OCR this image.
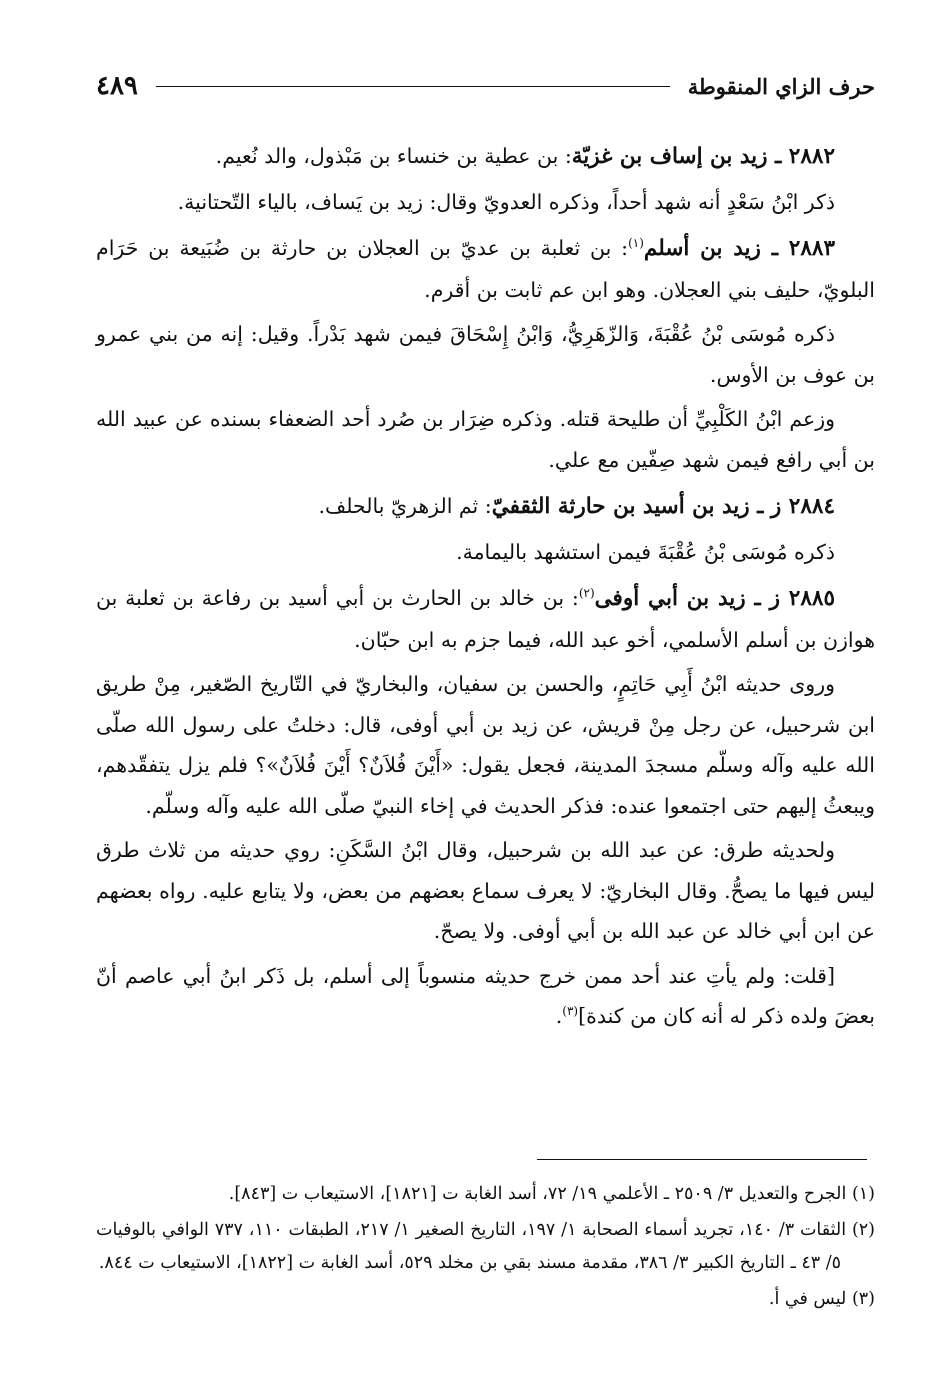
حرف الزاي المنقوطة
٤٨٩

٢٨٨٢ ـ زيد بن إساف بن غزيّة: بن عطية بن خنساء بن مَبْذول، والد نُعيم.

ذكر ابْنُ سَعْدٍ أنه شهد أحداً، وذكره العدويّ وقال: زيد بن يَساف، بالياء التّحتانية.

٢٨٨٣ ـ زيد بن أسلم$^{(١)}$: بن ثعلبة بن عديّ بن العجلان بن حارثة بن ضُبَيعة بن حَرَام البلويّ، حليف بني العجلان. وهو ابن عم ثابت بن أقرم.

ذكره مُوسَى بْنُ عُقْبَةَ، وَالزّهَرِيُّ، وَابْنُ إِسْحَاقَ فيمن شهد بَدْراً. وقيل: إنه من بني عمرو بن عوف بن الأوس.

وزعم ابْنُ الكَلْبِيِّ أن طليحة قتله. وذكره ضِرَار بن صُرد أحد الضعفاء بسنده عن عبيد الله بن أبي رافع فيمن شهد صِفّين مع علي.

٢٨٨٤ ز ـ زيد بن أسيد بن حارثة الثقفيّ: ثم الزهريّ بالحلف.

ذكره مُوسَى بْنُ عُقْبَةَ فيمن استشهد باليمامة.

٢٨٨٥ ز ـ زيد بن أبي أوفى$^{(٢)}$: بن خالد بن الحارث بن أبي أسيد بن رفاعة بن ثعلبة بن هوازن بن أسلم الأسلمي، أخو عبد الله، فيما جزم به ابن حبّان.

وروى حديثه ابْنُ أَبِي حَاتِمٍ، والحسن بن سفيان، والبخاريّ في التّاريخ الصّغير، مِنْ طريق ابن شرحبيل، عن رجل مِنْ قريش، عن زيد بن أبي أوفى، قال: دخلتُ على رسول الله صلّى الله عليه وآله وسلّم مسجدَ المدينة، فجعل يقول: «أَيْنَ فُلاَنٌ؟ أَيْنَ فُلاَنٌ»؟ فلم يزل يتفقّدهم، ويبعثُ إليهم حتى اجتمعوا عنده: فذكر الحديث في إخاء النبيّ صلّى الله عليه وآله وسلّم.

ولحديثه طرق: عن عبد الله بن شرحبيل، وقال ابْنُ السَّكَنِ: روي حديثه من ثلاث طرق ليس فيها ما يصحُّ. وقال البخاريّ: لا يعرف سماع بعضهم من بعض، ولا يتابع عليه. رواه بعضهم عن ابن أبي خالد عن عبد الله بن أبي أوفى. ولا يصحّ.

[قلت: ولم يأتِ عند أحد ممن خرج حديثه منسوباً إلى أسلم، بل ذَكر ابنُ أبي عاصم أنّ بعضَ ولده ذكر له أنه كان من كندة]$^{(٣)}$.

(١) الجرح والتعديل ٣/ ٢٥٠٩ ـ الأعلمي ١٩/ ٧٢، أسد الغابة ت [١٨٢١]، الاستيعاب ت [٨٤٣].

(٢) الثقات ٣/ ١٤٠، تجريد أسماء الصحابة ١/ ١٩٧، التاريخ الصغير ١/ ٢١٧، الطبقات ١١٠، ٧٣٧ الوافي بالوفيات ٥/ ٤٣ ـ التاريخ الكبير ٣/ ٣٨٦، مقدمة مسند بقي بن مخلد ٥٢٩، أسد الغابة ت [١٨٢٢]، الاستيعاب ت ٨٤٤.

(٣) ليس في أ.
